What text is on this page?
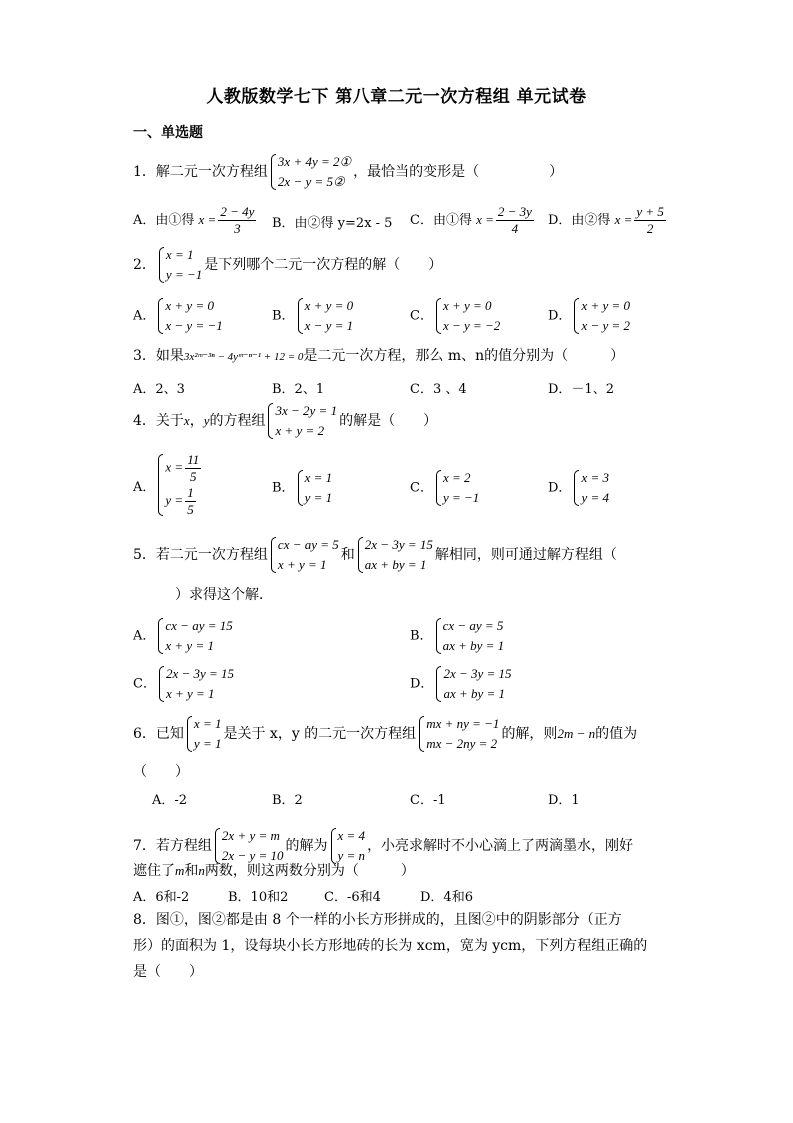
人教版数学七下 第八章二元一次方程组 单元试卷
一、单选题
1．解二元一次方程组
3x + 4y = 2①
2x − y = 5②
，最恰当的变形是（	）
A．由①得 $x = \frac{2 - 4y}{3}$ B．由②得 y=2x - 5 C．由①得 $x = \frac{2 - 3y}{4}$ D．由②得 $x = \frac{y + 5}{2}$
2．
x = 1
y = −1
是下列哪个二元一次方程的解（　　）
A．
x + y = 0
x − y = −1
B．
x + y = 0
x − y = 1
C．
x + y = 0
x − y = −2
D．
x + y = 0
x − y = 2
3．如果3x²ᵐ⁻³ⁿ − 4yᵐ⁻ⁿ⁻¹ + 12 = 0是二元一次方程，那么 m、n的值分别为（　　　）
A．2、3	B．2、1	C．3 、4	D．－1、2
4．关于x，y的方程组
3x − 2y = 1
x + y = 2
的解是（　　）
A．
$x = \frac{11}{5}$
$y = \frac{1}{5}$	B．
x = 1
y = 1
C．
x = 2
y = −1
D．
x = 3
y = 4
5．若二元一次方程组
cx − ay = 5
x + y = 1
和
2x − 3y = 15
ax + by = 1
解相同，则可通过解方程组（
）求得这个解．
A．
cx − ay = 15
x + y = 1
B．
cx − ay = 5
ax + by = 1
C．
2x − 3y = 15
x + y = 1
D．
2x − 3y = 15
ax + by = 1
6．已知
x = 1
y = 1
是关于 x，y 的二元一次方程组
mx + ny = −1
mx − 2ny = 2
的解，则2m − n的值为
（　　）
A．-2	B．2	C．-1	D．1
7．若方程组
2x + y = m
2x − y = 10
的解为
x = 4
y = n
，小亮求解时不小心滴上了两滴墨水，刚好
遮住了m和n两数，则这两数分别为（　　　）
A．6和-2	B．10和2	C．-6和4	D．4和6
8．图①，图②都是由 8 个一样的小长方形拼成的，且图②中的阴影部分（正方
形）的面积为 1，设每块小长方形地砖的长为 xcm，宽为 ycm，下列方程组正确的
是（　　）
